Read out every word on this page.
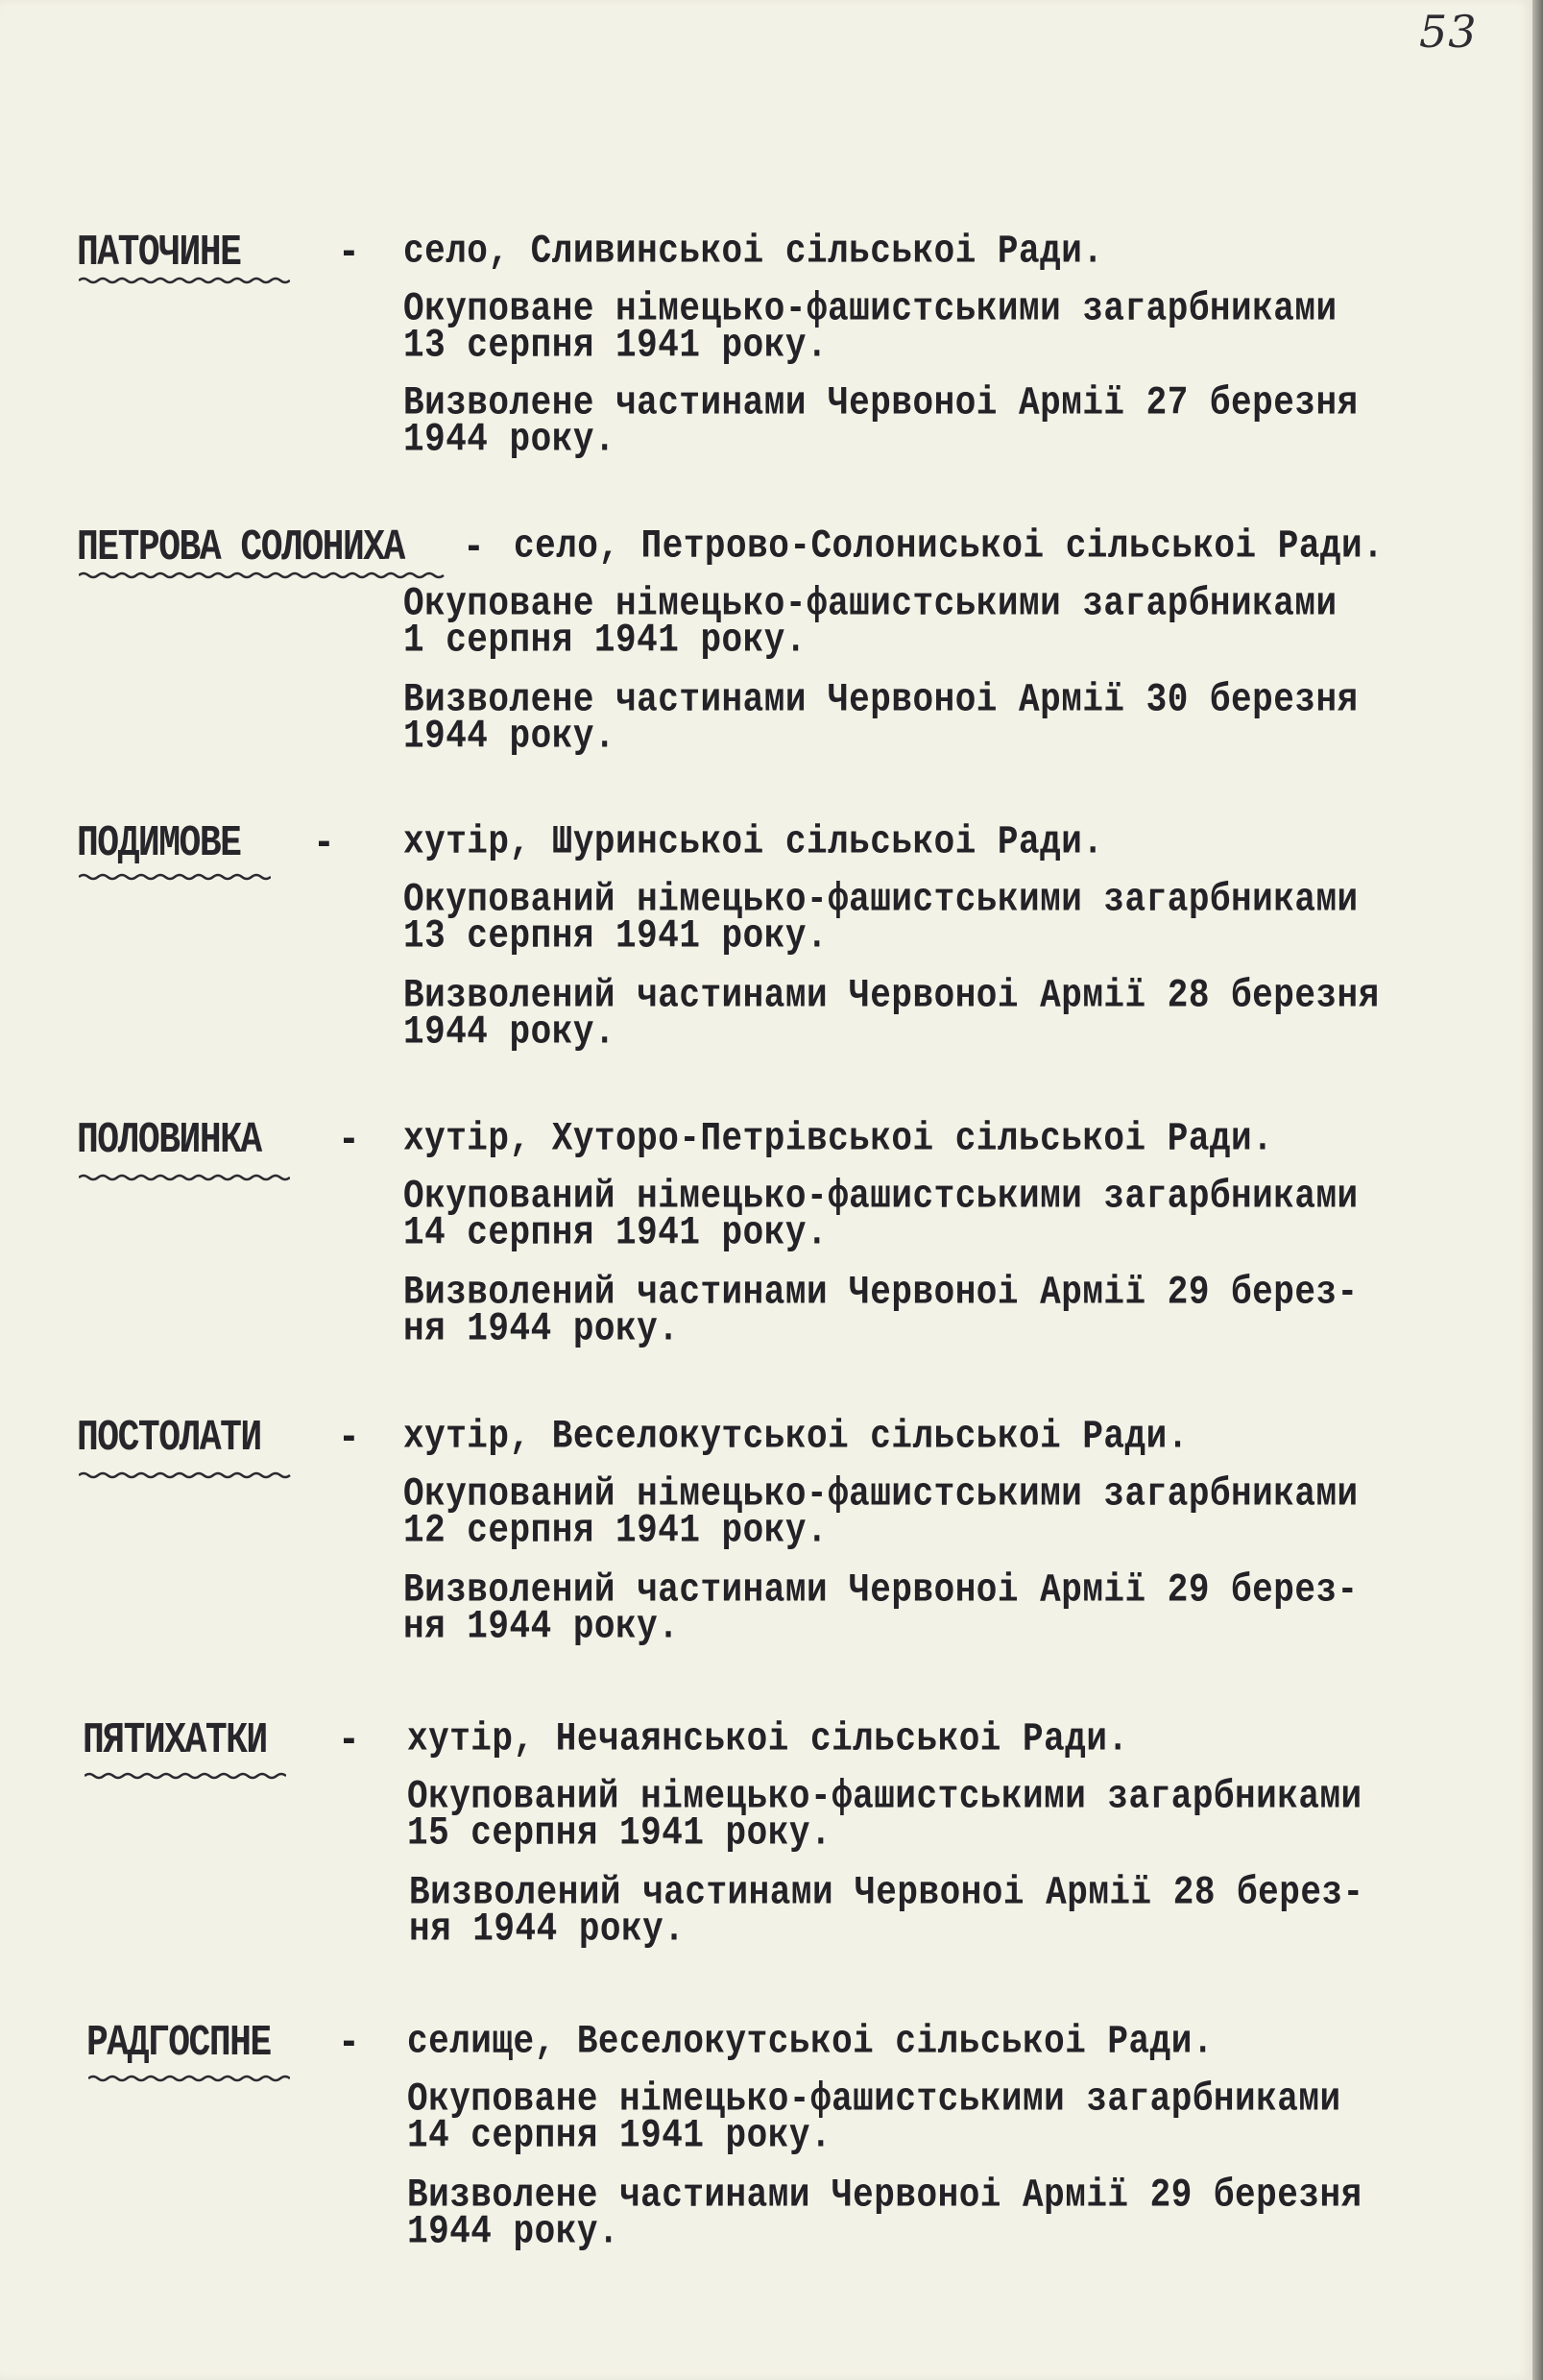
53
ПАТОЧИНЕ	- село, Сливинськоі сільськоі Ради.
Окуповане німецько-фашистськими загарбниками
13 серпня 1941 року.
Визволене частинами Червоноі Армії 27 березня
1944 року.
ПЕТРОВА СОЛОНИХА - село, Петрово-Солониськоі сільськоі Ради.
Окуповане німецько-фашистськими загарбниками
1 серпня 1941 року.
Визволене частинами Червоноі Армії 30 березня
1944 року.
ПОДИМОВЕ - хутір, Шуринськоі сільськоі Ради.
Окупований німецько-фашистськими загарбниками
13 серпня 1941 року.
Визволений частинами Червоноі Армії 28 березня
1944 року.
ПОЛОВИНКА - хутір, Хуторо-Петрівськоі сільськоі Ради.
Окупований німецько-фашистськими загарбниками
14 серпня 1941 року.
Визволений частинами Червоноі Армії 29 берез-
ня 1944 року.
ПОСТОЛАТИ - хутір, Веселокутськоі сільськоі Ради.
Окупований німецько-фашистськими загарбниками
12 серпня 1941 року.
Визволений частинами Червоноі Армії 29 берез-
ня 1944 року.
ПЯТИХАТКИ - хутір, Нечаянськоі сільськоі Ради.
Окупований німецько-фашистськими загарбниками
15 серпня 1941 року.
Визволений частинами Червоноі Армії 28 берез-
ня 1944 року.
РАДГОСПНЕ - селище, Веселокутськоі сільськоі Ради.
Окуповане німецько-фашистськими загарбниками
14 серпня 1941 року.
Визволене частинами Червоноі Армії 29 березня
1944 року.
